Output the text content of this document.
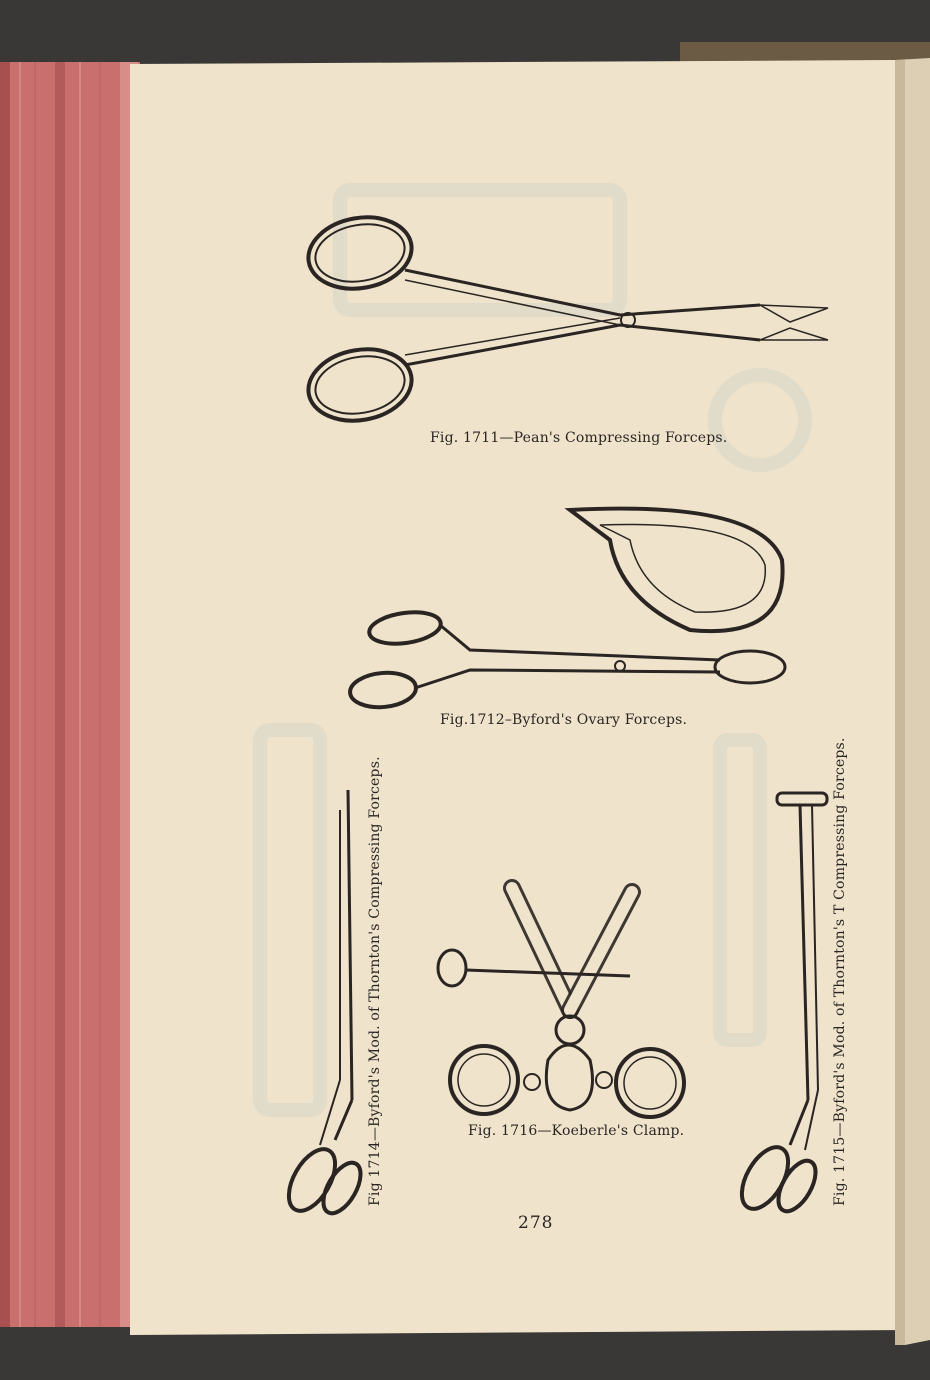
Fig. 1711—Pean's Compressing Forceps.
Fig.1712–Byford's Ovary Forceps.
Fig 1714—Byford's Mod. of Thornton's Compressing Forceps.	Fig. 1716—Koeberle's Clamp.	Fig. 1715—Byford's Mod. of Thornton's T Compressing Forceps.
278
